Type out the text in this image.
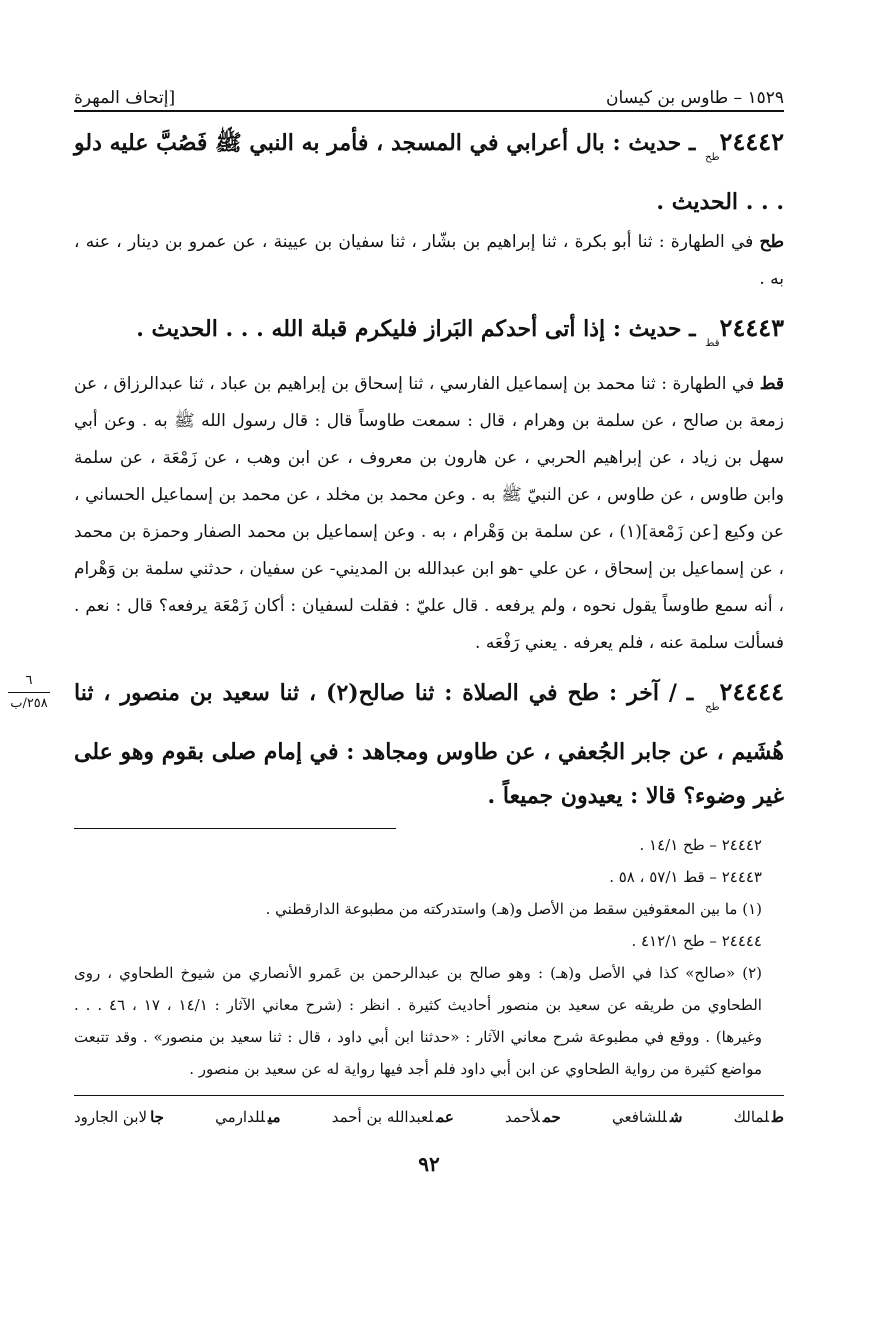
١٥٢٩ – طاوس بن كيسان
[إتحاف المهرة

$٢٤٤٤٢_{طح}$ ـ حديث : بال أعرابي في المسجد ، فأمر به النبي ﷺ فَصُبَّ عليه دلو . . . الحديث .

طح في الطهارة : ثنا أبو بكرة ، ثنا إبراهيم بن بشّار ، ثنا سفيان بن عيينة ، عن عمرو بن دينار ، عنه ، به .

$٢٤٤٤٣_{قط}$ ـ حديث : إذا أتى أحدكم البَراز فليكرم قبلة الله . . . الحديث .

قط في الطهارة : ثنا محمد بن إسماعيل الفارسي ، ثنا إسحاق بن إبراهيم بن عباد ، ثنا عبدالرزاق ، عن زمعة بن صالح ، عن سلمة بن وهرام ، قال : سمعت طاوساً قال : قال رسول الله ﷺ به . وعن أبي سهل بن زياد ، عن إبراهيم الحربي ، عن هارون بن معروف ، عن ابن وهب ، عن زَمْعَة ، عن سلمة وابن طاوس ، عن طاوس ، عن النبيّ ﷺ به . وعن محمد بن مخلد ، عن محمد بن إسماعيل الحساني ، عن وكيع [عن زَمْعة](١) ، عن سلمة بن وَهْرام ، به . وعن إسماعيل بن محمد الصفار وحمزة بن محمد ، عن إسماعيل بن إسحاق ، عن علي -هو ابن عبدالله بن المديني- عن سفيان ، حدثني سلمة بن وَهْرام ، أنه سمع طاوساً يقول نحوه ، ولم يرفعه . قال عليّ : فقلت لسفيان : أكان زَمْعَة يرفعه؟ قال : نعم . فسألت سلمة عنه ، فلم يعرفه . يعني رَفْعَه .

٦
٢٥٨/ب	$٢٤٤٤٤_{طح}$ ـ / آخر : طح في الصلاة : ثنا صالح(٢) ، ثنا سعيد بن منصور ، ثنا هُشَيم ، عن جابر الجُعفي ، عن طاوس ومجاهد : في إمام صلى بقوم وهو على غير وضوء؟ قالا : يعيدون جميعاً .

٢٤٤٤٢ – طح ١٤/١ .

٢٤٤٤٣ – قط ٥٧/١ ، ٥٨ .

(١) ما بين المعقوفين سقط من الأصل و(هـ) واستدركته من مطبوعة الدارقطني .

٢٤٤٤٤ – طح ٤١٢/١ .

(٢) «صالح» كذا في الأصل و(هـ) : وهو صالح بن عبدالرحمن بن عَمرو الأنصاري من شيوخ الطحاوي ، روى الطحاوي من طريقه عن سعيد بن منصور أحاديث كثيرة . انظر : (شرح معاني الآثار : ١٤/١ ، ١٧ ، ٤٦ . . . وغيرها) . ووقع في مطبوعة شرح معاني الآثار : «حدثنا ابن أبي داود ، قال : ثنا سعيد بن منصور» . وقد تتبعت مواضع كثيرة من رواية الطحاوي عن ابن أبي داود فلم أجد فيها رواية له عن سعيد بن منصور .

طلمالك
شللشافعي
حملأحمد
عملعبدالله بن أحمد
ميللدارمي
جالابن الجارود
٩٢
